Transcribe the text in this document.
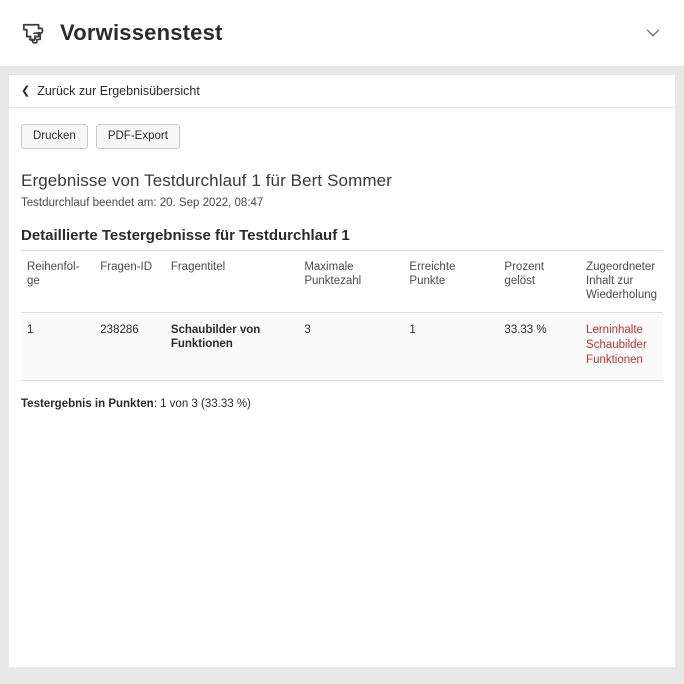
Vorwissenstest
❮ Zurück zur Ergebnisübersicht
Drucken	PDF-Export
Ergebnisse von Testdurchlauf 1 für Bert Sommer

Testdurchlauf beendet am: 20. Sep 2022, 08:47

Detaillierte Testergebnisse für Testdurchlauf 1
Reihenfol-ge	Fragen-ID	Fragentitel	Maximale Punktezahl	Erreichte Punkte	Prozent gelöst	Zugeordneter Inhalt zur Wiederholung
1	238286	Schaubilder von Funktionen	3	1	33.33 %	Lerninhalte Schaubilder Funktionen
Testergebnis in Punkten: 1 von 3 (33.33 %)
